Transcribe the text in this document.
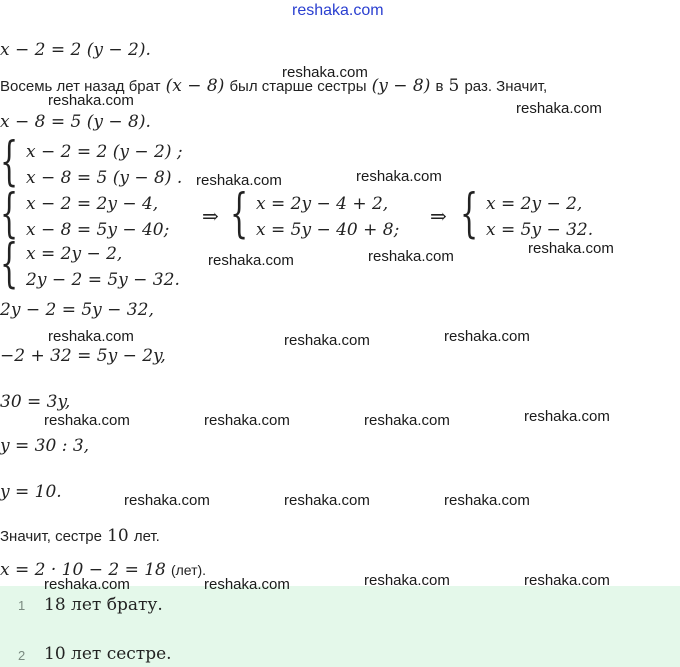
reshaka.com
x − 2 = 2 (y − 2).
Восемь лет назад брат (x − 8) был старше сестры (y − 8) в 5 раз. Значит,
x − 8 = 5 (y − 8).
{ x − 2 = 2 (y − 2) ;
x − 8 = 5 (y − 8) .
{ x − 2 = 2y − 4,
x − 8 = 5y − 40;
⇒ { x = 2y − 4 + 2,
x = 5y − 40 + 8;
⇒ { x = 2y − 2,
x = 5y − 32.
{ x = 2y − 2,
2y − 2 = 5y − 32.
2y − 2 = 5y − 32,
−2 + 32 = 5y − 2y,
30 = 3y,
y = 30 : 3,
y = 10.
Значит, сестре 10 лет.
x = 2 · 10 − 2 = 18 (лет).
reshaka.com
reshaka.com	reshaka.com
reshaka.com	reshaka.com
reshaka.com
reshaka.com	reshaka.com
reshaka.com	reshaka.com	reshaka.com
reshaka.com	reshaka.com	reshaka.com	reshaka.com
reshaka.com	reshaka.com	reshaka.com
1 18 лет брату.
2 10 лет сестре.
reshaka.com	reshaka.com	reshaka.com	reshaka.com
